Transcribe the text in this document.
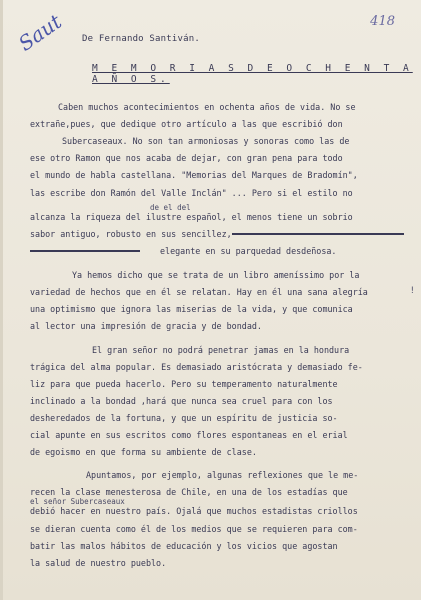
Saut	418
De Fernando Santiván.
M E M O R I A S D E O C H E N T A A Ñ O S.
Caben muchos acontecimientos en ochenta años de vida. No se
extrañe,pues, que dedique otro artículo a las que escribió don
Subercaseaux. No son tan armoniosas y sonoras como las de
ese otro Ramon que nos acaba de dejar, con gran pena para todo
el mundo de habla castellana. "Memorias del Marques de Bradomín",
las escribe don Ramón del Valle Inclán" ... Pero si el estilo no
de el del
alcanza la riqueza del ilustre español, el menos tiene un sobrio
sabor antiguo, robusto en sus sencillez,

elegante en su parquedad desdeñosa.
Ya hemos dicho que se trata de un libro ameníssimo por la
variedad de hechos que en él se relatan. Hay en él una sana alegría	!
una optimismo que ignora las miserias de la vida, y que comunica
al lector una impresión de gracia y de bondad.
El gran señor no podrá penetrar jamas en la hondura
trágica del alma popular. Es demasiado aristócrata y demasiado fe-
liz para que pueda hacerlo. Pero su temperamento naturalmente
inclinado a la bondad ,hará que nunca sea cruel para con los
desheredados de la fortuna, y que un espíritu de justicia so-
cial apunte en sus escritos como flores espontaneas en el erial
de egoismo en que forma su ambiente de clase.
Apuntamos, por ejemplo, algunas reflexiones que le me-
recen la clase menesterosa de Chile, en una de los estadías que
el señor Subercaseaux
debió hacer en nuestro país. Ojalá que muchos estadistas criollos
se dieran cuenta como él de los medios que se requieren para com-
batir las malos hábitos de educación y los vicios que agostan
la salud de nuestro pueblo.
